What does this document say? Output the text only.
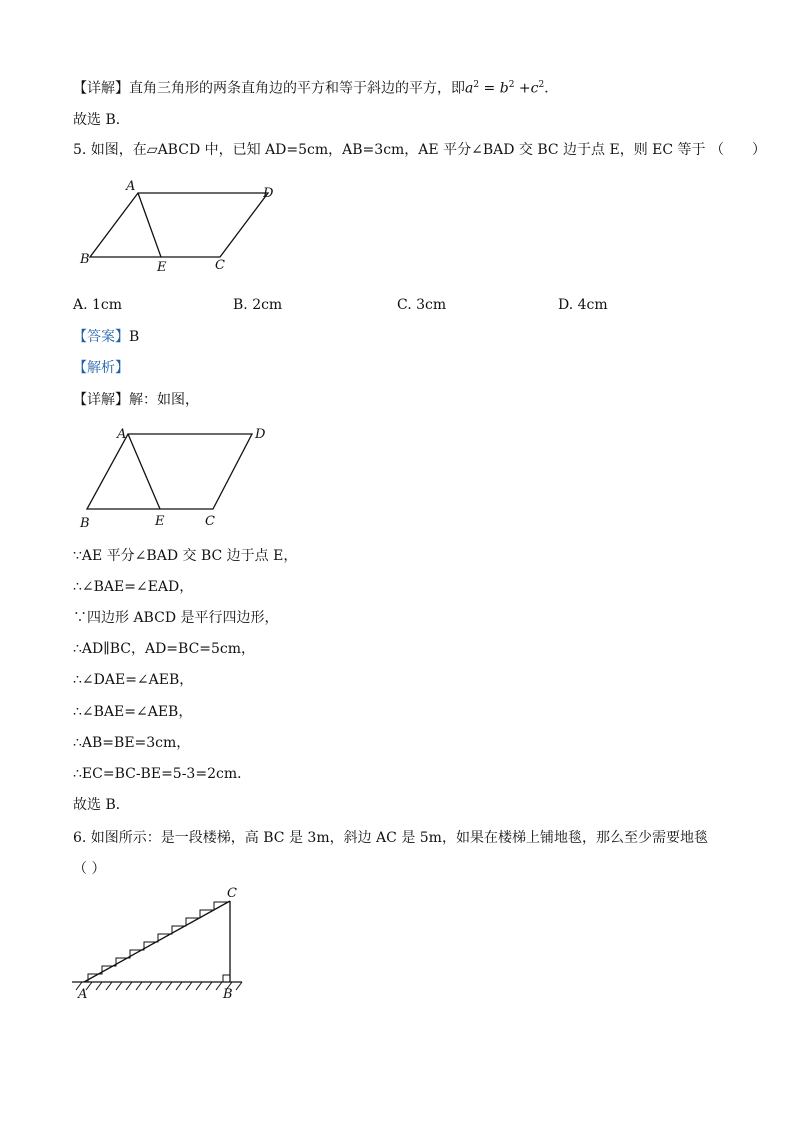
【详解】直角三角形的两条直角边的平方和等于斜边的平方，即$a^2 = b^2 +c^2$．
故选 B．
5. 如图，在▱ABCD 中，已知 AD=5cm，AB=3cm，AE 平分∠BAD 交 BC 边于点 E，则 EC 等于 （　　）
A	D
B
E	C
A. 1cm	B. 2cm	C. 3cm	D. 4cm
【答案】B
【解析】
【详解】解：如图，
A	D
B	E	C
∵AE 平分∠BAD 交 BC 边于点 E，
∴∠BAE=∠EAD，
∵四边形 ABCD 是平行四边形，
∴AD∥BC，AD=BC=5cm，
∴∠DAE=∠AEB，
∴∠BAE=∠AEB，
∴AB=BE=3cm，
∴EC=BC-BE=5-3=2cm．
故选 B．
6. 如图所示：是一段楼梯，高 BC 是 3m，斜边 AC 是 5m，如果在楼梯上铺地毯，那么至少需要地毯
（ ）
C
A	B
